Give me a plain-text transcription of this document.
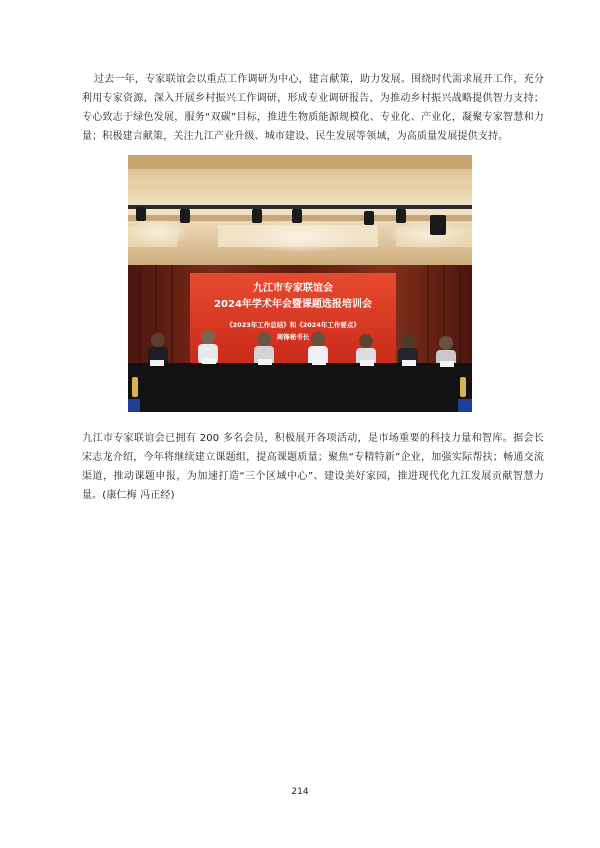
过去一年，专家联谊会以重点工作调研为中心，建言献策，助力发展。围绕时代需求展开工作，充分利用专家资源，深入开展乡村振兴工作调研，形成专业调研报告，为推动乡村振兴战略提供智力支持；专心致志于绿色发展，服务“双碳”目标，推进生物质能源规模化、专业化、产业化，凝聚专家智慧和力量；积极建言献策，关注九江产业升级、城市建设、民生发展等领域，为高质量发展提供支持。

九江市专家联谊会
2024年学术年会暨课题选报培训会
《2023年工作总结》和《2024年工作要点》
周锋秘书长

九江市专家联谊会已拥有 200 多名会员，积极展开各项活动，是市场重要的科技力量和智库。据会长宋志龙介绍，今年将继续建立课题组，提高课题质量；聚焦“专精特新”企业，加强实际帮扶；畅通交流渠道，推动课题申报，为加速打造“三个区域中心”、建设美好家园，推进现代化九江发展贡献智慧力量。(康仁梅 冯正经)

214
